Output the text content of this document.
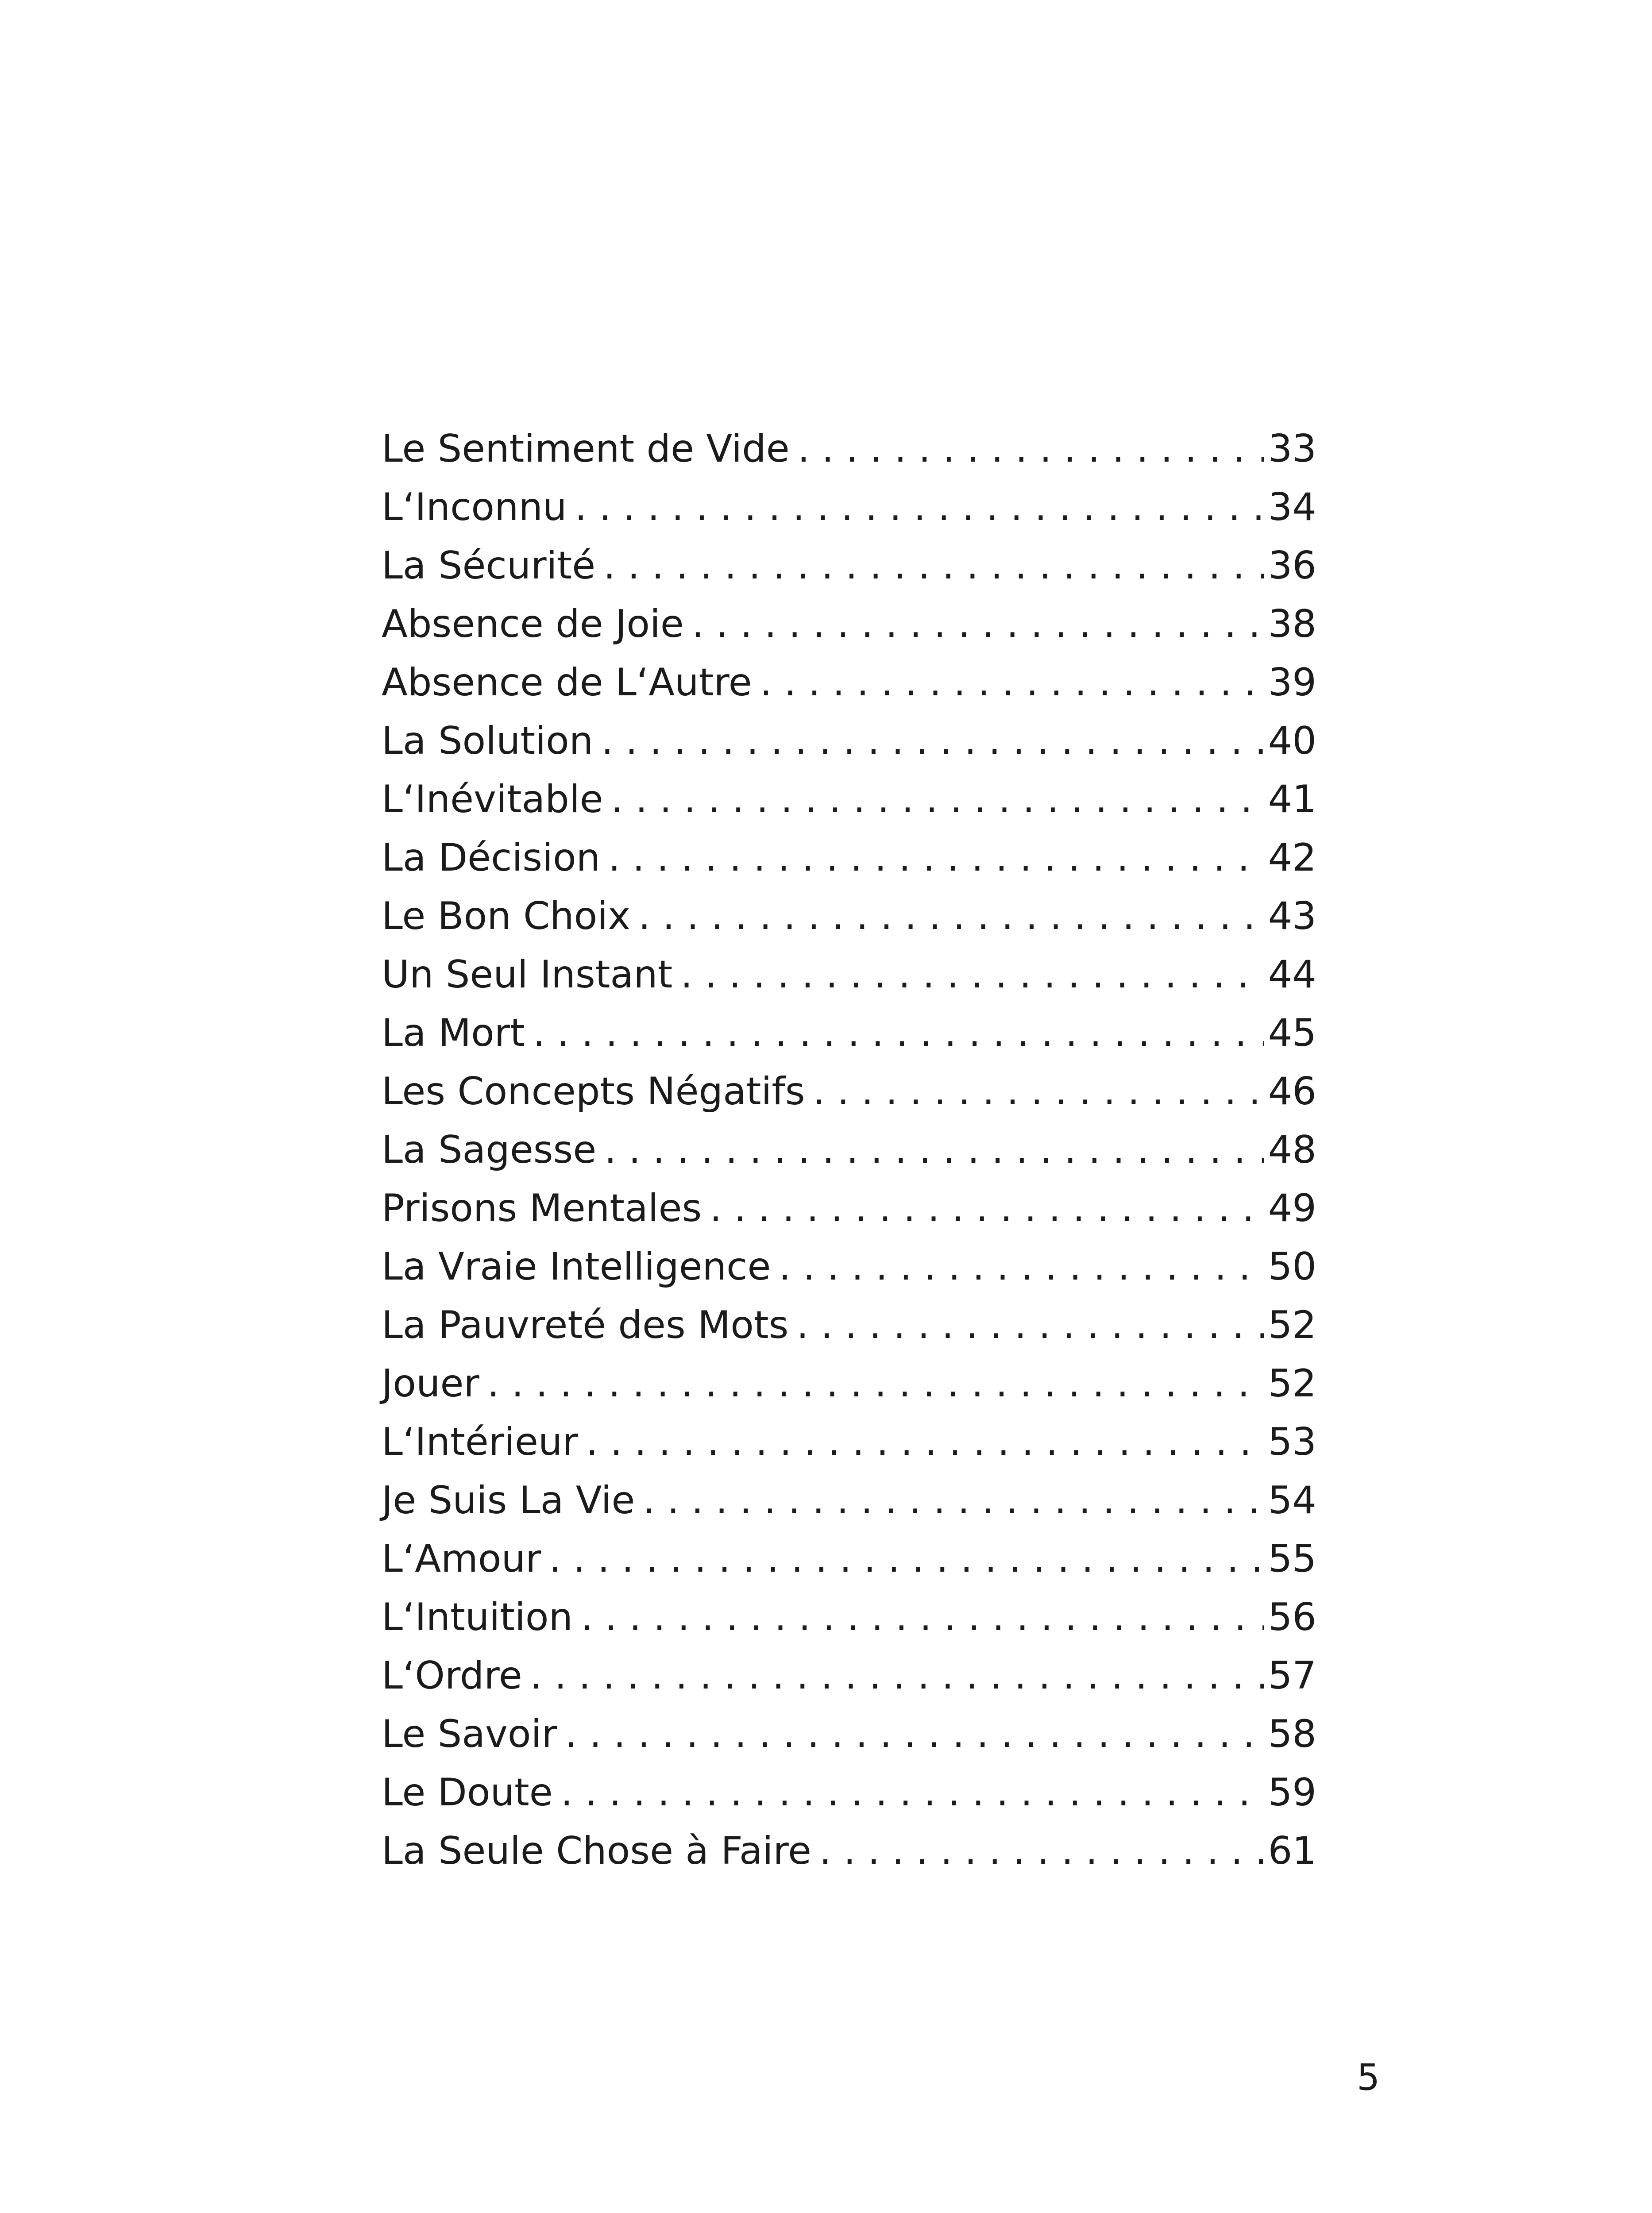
Le Sentiment de Vide . . .	33
L‘Inconnu . . .	34
La Sécurité . . .	36
Absence de Joie . . .	38
Absence de L‘Autre . . .	39
La Solution . . .	40
L‘Inévitable . . .	41
La Décision . . .	42
Le Bon Choix . . .	43
Un Seul Instant . . .	44
La Mort . . .	45
Les Concepts Négatifs . . .	46
La Sagesse . . .	48
Prisons Mentales . . .	49
La Vraie Intelligence . . .	50
La Pauvreté des Mots . . .	52
Jouer . . .	52
L‘Intérieur . . .	53
Je Suis La Vie . . .	54
L‘Amour . . .	55
L‘Intuition . . .	56
L‘Ordre . . .	57
Le Savoir . . .	58
Le Doute . . .	59
La Seule Chose à Faire . . .	61
5
